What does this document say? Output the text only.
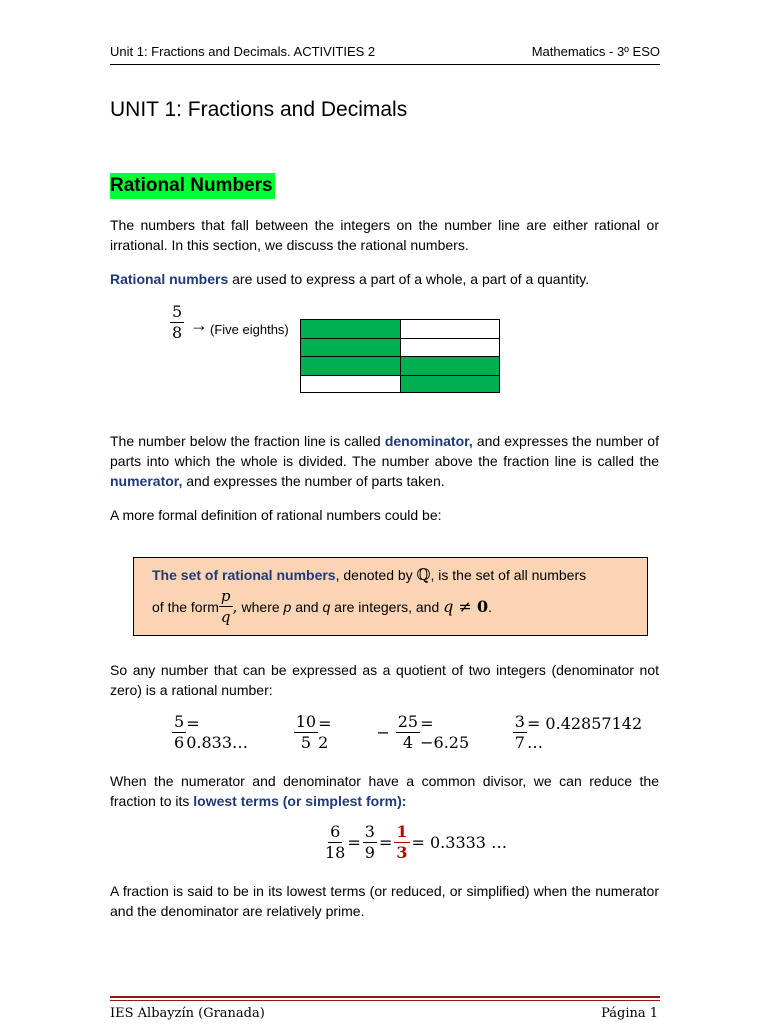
Unit 1: Fractions and Decimals. ACTIVITIES 2	Mathematics - 3º ESO
UNIT 1: Fractions and Decimals
Rational Numbers
The numbers that fall between the integers on the number line are either rational or irrational. In this section, we discuss the rational numbers.
Rational numbers are used to express a part of a whole, a part of a quantity.
$\frac{5}{8}$ → (Five eighths)
The number below the fraction line is called denominator, and expresses the number of parts into which the whole is divided. The number above the fraction line is called the numerator, and expresses the number of parts taken.
A more formal definition of rational numbers could be:
The set of rational numbers, denoted by ℚ, is the set of all numbers
of the form $\frac{p}{q}$ , where p and q are integers, and q ≠ 0 .
So any number that can be expressed as a quotient of two integers (denominator not zero) is a rational number:
$\frac{5}{6}$ = 0.833…	$\frac{10}{5} = 2$	− $\frac{25}{4} = -6.25$	$\frac{3}{7} = 0.42857142$ …
When the numerator and denominator have a common divisor, we can reduce the fraction to its lowest terms (or simplest form):
$\frac{6}{18} = \frac{3}{9} = \frac{1}{3} = 0.3333$ …
A fraction is said to be in its lowest terms (or reduced, or simplified) when the numerator and the denominator are relatively prime.
IES Albayzín (Granada)	Página 1
